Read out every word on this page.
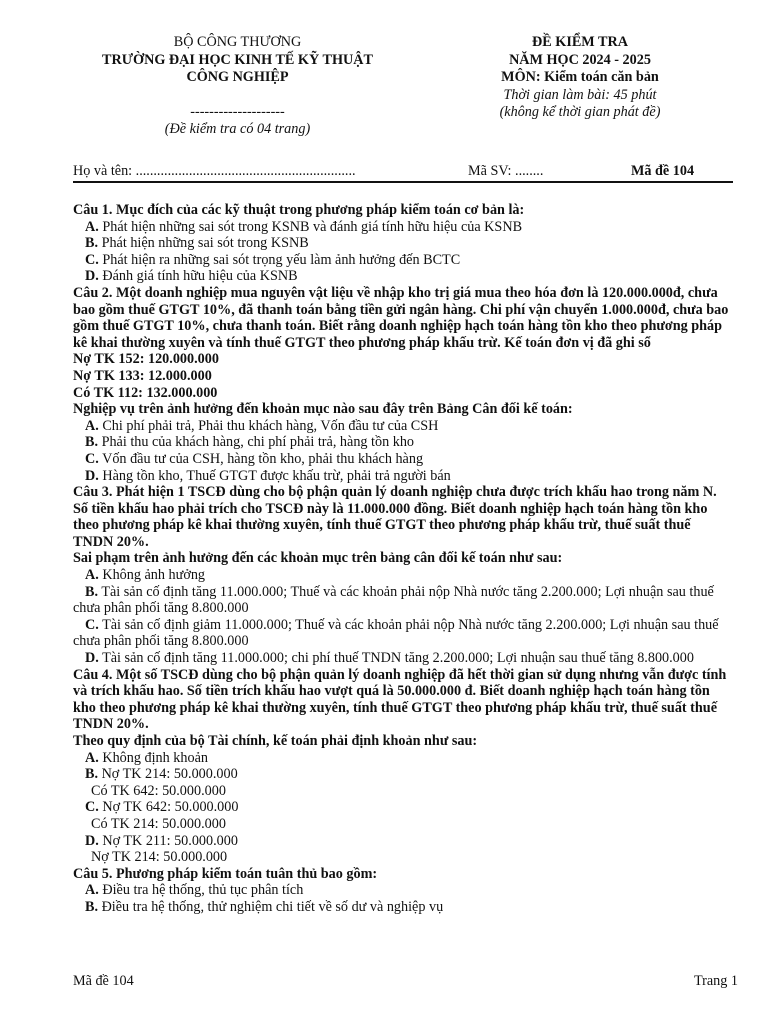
BỘ CÔNG THƯƠNG
TRƯỜNG ĐẠI HỌC KINH TẾ KỸ THUẬT
CÔNG NGHIỆP
--------------------
(Đề kiểm tra có 04 trang)
ĐỀ KIỂM TRA
NĂM HỌC 2024 - 2025
MÔN: Kiểm toán căn bản
Thời gian làm bài: 45 phút
(không kể thời gian phát đề)
Họ và tên: ..............................................................	Mã SV: ........	Mã đề 104
Câu 1. Mục đích của các kỹ thuật trong phương pháp kiểm toán cơ bản là:
A. Phát hiện những sai sót trong KSNB và đánh giá tính hữu hiệu của KSNB
B. Phát hiện những sai sót trong KSNB
C. Phát hiện ra những sai sót trọng yếu làm ảnh hưởng đến BCTC
D. Đánh giá tính hữu hiệu của KSNB
Câu 2. Một doanh nghiệp mua nguyên vật liệu về nhập kho trị giá mua theo hóa đơn là 120.000.000đ, chưa bao gồm thuế GTGT 10%, đã thanh toán bằng tiền gửi ngân hàng. Chi phí vận chuyển 1.000.000đ, chưa bao gồm thuế GTGT 10%, chưa thanh toán. Biết rằng doanh nghiệp hạch toán hàng tồn kho theo phương pháp kê khai thường xuyên và tính thuế GTGT theo phương pháp khấu trừ. Kế toán đơn vị đã ghi sổ
Nợ TK 152: 120.000.000
Nợ TK 133: 12.000.000
Có TK 112: 132.000.000
Nghiệp vụ trên ảnh hưởng đến khoản mục nào sau đây trên Bảng Cân đối kế toán:
A. Chi phí phải trả, Phải thu khách hàng, Vốn đầu tư của CSH
B. Phải thu của khách hàng, chi phí phải trả, hàng tồn kho
C. Vốn đầu tư của CSH, hàng tồn kho, phải thu khách hàng
D. Hàng tồn kho, Thuế GTGT được khấu trừ, phải trả người bán
Câu 3. Phát hiện 1 TSCĐ dùng cho bộ phận quản lý doanh nghiệp chưa được trích khấu hao trong năm N. Số tiền khấu hao phải trích cho TSCĐ này là 11.000.000 đồng. Biết doanh nghiệp hạch toán hàng tồn kho theo phương pháp kê khai thường xuyên, tính thuế GTGT theo phương pháp khấu trừ, thuế suất thuế TNDN 20%.
Sai phạm trên ảnh hưởng đến các khoản mục trên bảng cân đối kế toán như sau:
A. Không ảnh hưởng
B. Tài sản cố định tăng 11.000.000; Thuế và các khoản phải nộp Nhà nước tăng 2.200.000; Lợi nhuận sau thuế chưa phân phối tăng 8.800.000
C. Tài sản cố định giảm 11.000.000; Thuế và các khoản phải nộp Nhà nước tăng 2.200.000; Lợi nhuận sau thuế chưa phân phối tăng 8.800.000
D. Tài sản cố định tăng 11.000.000; chi phí thuế TNDN tăng 2.200.000; Lợi nhuận sau thuế tăng 8.800.000
Câu 4. Một số TSCĐ dùng cho bộ phận quản lý doanh nghiệp đã hết thời gian sử dụng nhưng vẫn được tính và trích khấu hao. Số tiền trích khấu hao vượt quá là 50.000.000 đ. Biết doanh nghiệp hạch toán hàng tồn kho theo phương pháp kê khai thường xuyên, tính thuế GTGT theo phương pháp khấu trừ, thuế suất thuế TNDN 20%.
Theo quy định của bộ Tài chính, kế toán phải định khoản như sau:
A. Không định khoản
B. Nợ TK 214: 50.000.000
Có TK 642: 50.000.000
C. Nợ TK 642: 50.000.000
Có TK 214: 50.000.000
D. Nợ TK 211: 50.000.000
Nợ TK 214: 50.000.000
Câu 5. Phương pháp kiểm toán tuân thủ bao gồm:
A. Điều tra hệ thống, thủ tục phân tích
B. Điều tra hệ thống, thử nghiệm chi tiết về số dư và nghiệp vụ
Mã đề 104	Trang 1
